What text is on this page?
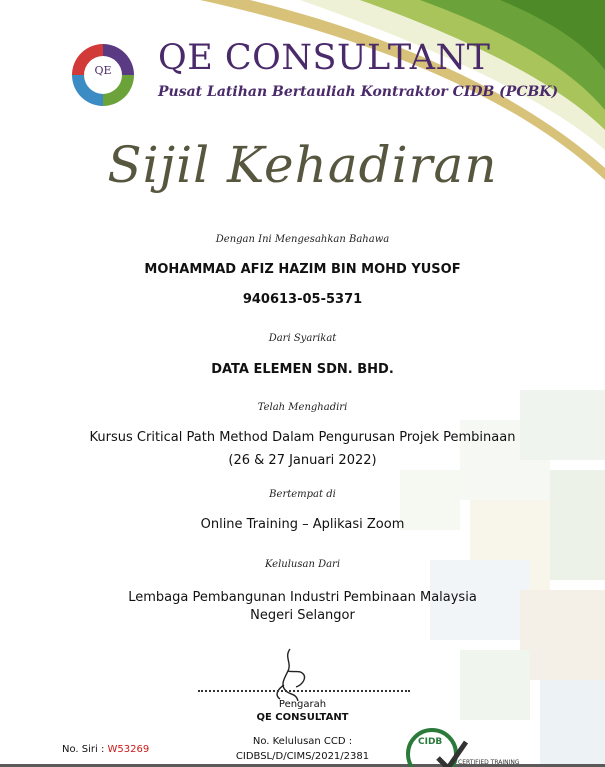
QE	QE CONSULTANT
Pusat Latihan Bertauliah Kontraktor CIDB (PCBK)
Sijil Kehadiran
Dengan Ini Mengesahkan Bahawa
MOHAMMAD AFIZ HAZIM BIN MOHD YUSOF
940613-05-5371
Dari Syarikat
DATA ELEMEN SDN. BHD.
Telah Menghadiri
Kursus Critical Path Method Dalam Pengurusan Projek Pembinaan
(26 & 27 Januari 2022)
Bertempat di
Online Training – Aplikasi Zoom
Kelulusan Dari
Lembaga Pembangunan Industri Pembinaan Malaysia
Negeri Selangor
Pengarah
QE CONSULTANT
No. Siri : W53269
No. Kelulusan CCD :
CIDBSL/D/CIMS/2021/2381
CIDB
CERTIFIED TRAINING
